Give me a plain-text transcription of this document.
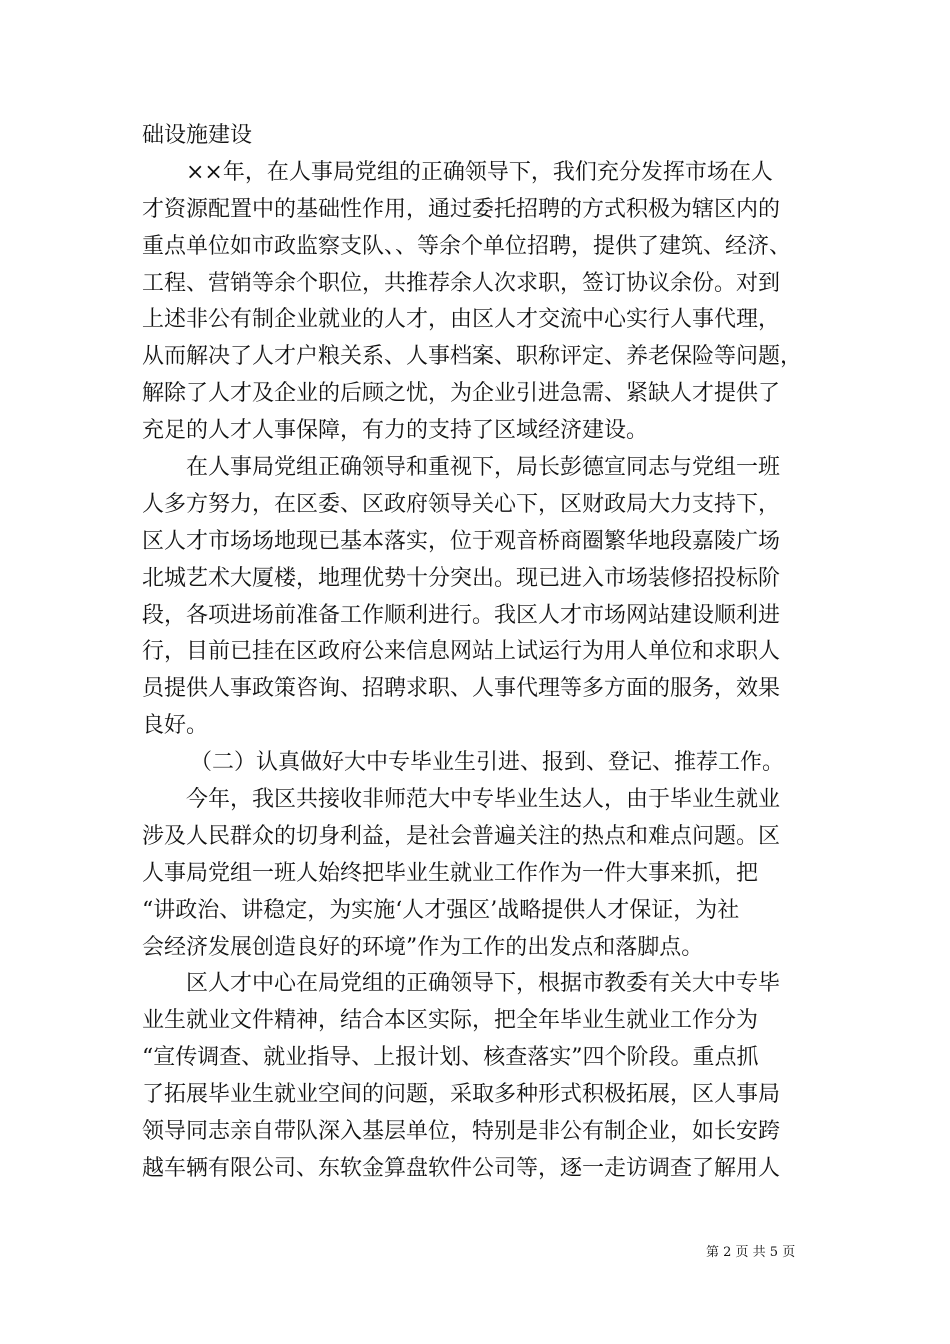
础设施建设
××年，在人事局党组的正确领导下，我们充分发挥市场在人
才资源配置中的基础性作用，通过委托招聘的方式积极为辖区内的
重点单位如市政监察支队、、等余个单位招聘，提供了建筑、经济、
工程、营销等余个职位，共推荐余人次求职，签订协议余份。对到
上述非公有制企业就业的人才，由区人才交流中心实行人事代理，
从而解决了人才户粮关系、人事档案、职称评定、养老保险等问题，
解除了人才及企业的后顾之忧，为企业引进急需、紧缺人才提供了
充足的人才人事保障，有力的支持了区域经济建设。
在人事局党组正确领导和重视下，局长彭德宣同志与党组一班
人多方努力，在区委、区政府领导关心下，区财政局大力支持下，
区人才市场场地现已基本落实，位于观音桥商圈繁华地段嘉陵广场
北城艺术大厦楼，地理优势十分突出。现已进入市场装修招投标阶
段，各项进场前准备工作顺利进行。我区人才市场网站建设顺利进
行，目前已挂在区政府公来信息网站上试运行为用人单位和求职人
员提供人事政策咨询、招聘求职、人事代理等多方面的服务，效果
良好。
（二）认真做好大中专毕业生引进、报到、登记、推荐工作。
今年，我区共接收非师范大中专毕业生达人，由于毕业生就业
涉及人民群众的切身利益，是社会普遍关注的热点和难点问题。区
人事局党组一班人始终把毕业生就业工作作为一件大事来抓，把
“讲政治、讲稳定，为实施‘人才强区’战略提供人才保证，为社
会经济发展创造良好的环境”作为工作的出发点和落脚点。
区人才中心在局党组的正确领导下，根据市教委有关大中专毕
业生就业文件精神，结合本区实际，把全年毕业生就业工作分为
“宣传调查、就业指导、上报计划、核查落实”四个阶段。重点抓
了拓展毕业生就业空间的问题，采取多种形式积极拓展，区人事局
领导同志亲自带队深入基层单位，特别是非公有制企业，如长安跨
越车辆有限公司、东软金算盘软件公司等，逐一走访调查了解用人
第 2 页 共 5 页
